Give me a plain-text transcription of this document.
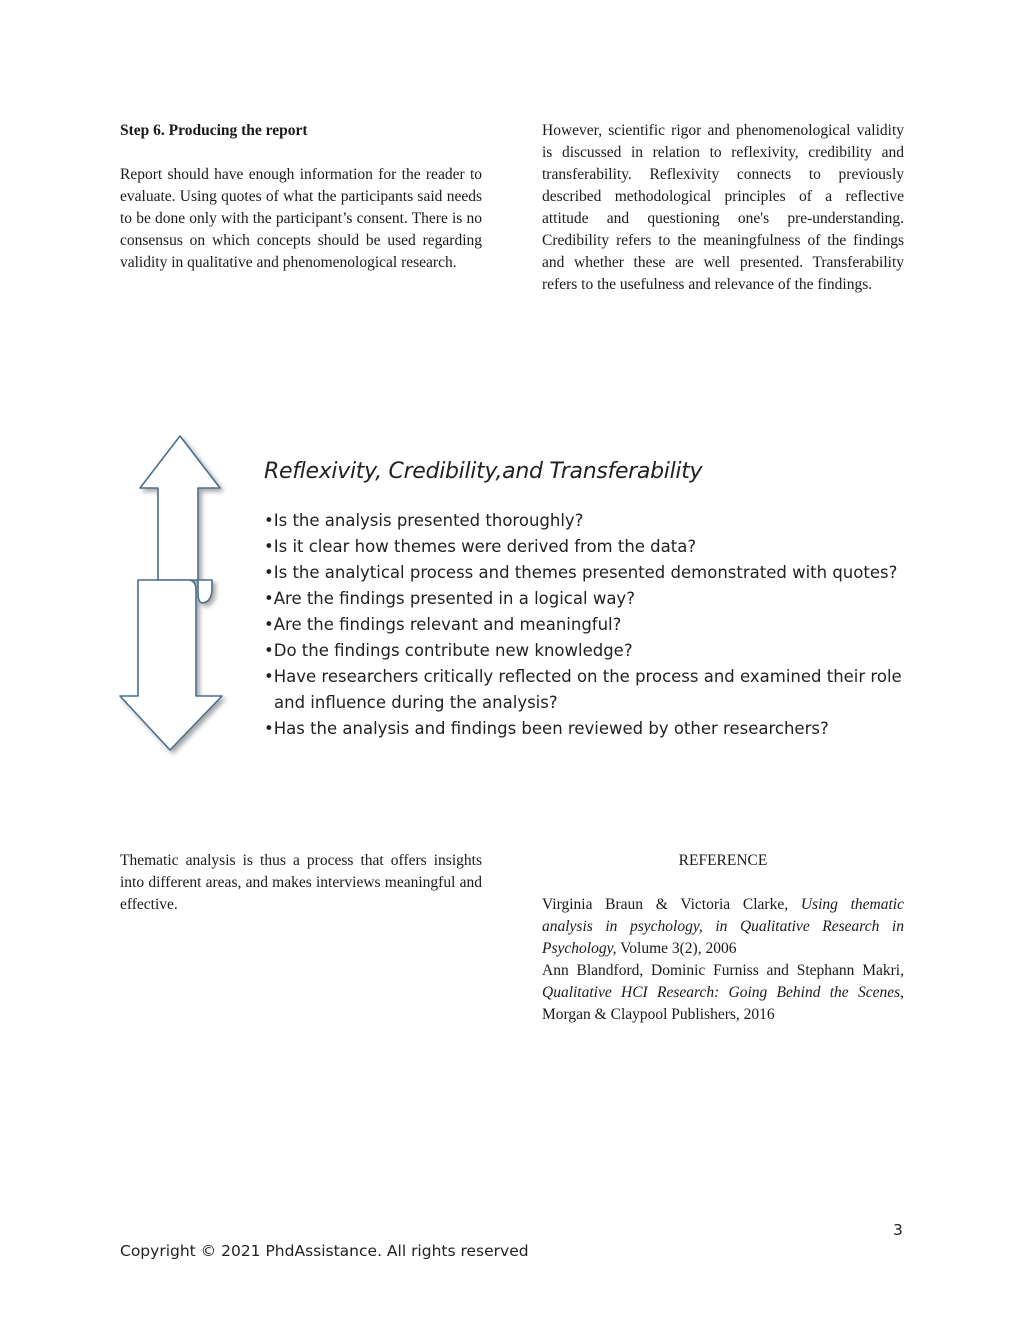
Step 6. Producing the report

Report should have enough information for the reader to evaluate. Using quotes of what the participants said needs to be done only with the participant’s consent. There is no consensus on which concepts should be used regarding validity in qualitative and phenomenological research.

However, scientific rigor and phenomenological validity is discussed in relation to reflexivity, credibility and transferability. Reflexivity connects to previously described methodological principles of a reflective attitude and questioning one's pre-understanding. Credibility refers to the meaningfulness of the findings and whether these are well presented. Transferability refers to the usefulness and relevance of the findings.

Reflexivity, Credibility,and Transferability
•Is the analysis presented thoroughly?
•Is it clear how themes were derived from the data?
•Is the analytical process and themes presented demonstrated with quotes?
•Are the findings presented in a logical way?
•Are the findings relevant and meaningful?
•Do the findings contribute new knowledge?
•Have researchers critically reflected on the process and examined their role
and influence during the analysis?
•Has the analysis and findings been reviewed by other researchers?

Thematic analysis is thus a process that offers insights into different areas, and makes interviews meaningful and effective.

REFERENCE

Virginia Braun & Victoria Clarke, Using thematic analysis in psychology, in Qualitative Research in Psychology, Volume 3(2), 2006

Ann Blandford, Dominic Furniss and Stephann Makri, Qualitative HCI Research: Going Behind the Scenes, Morgan & Claypool Publishers, 2016

3
Copyright © 2021 PhdAssistance. All rights reserved
